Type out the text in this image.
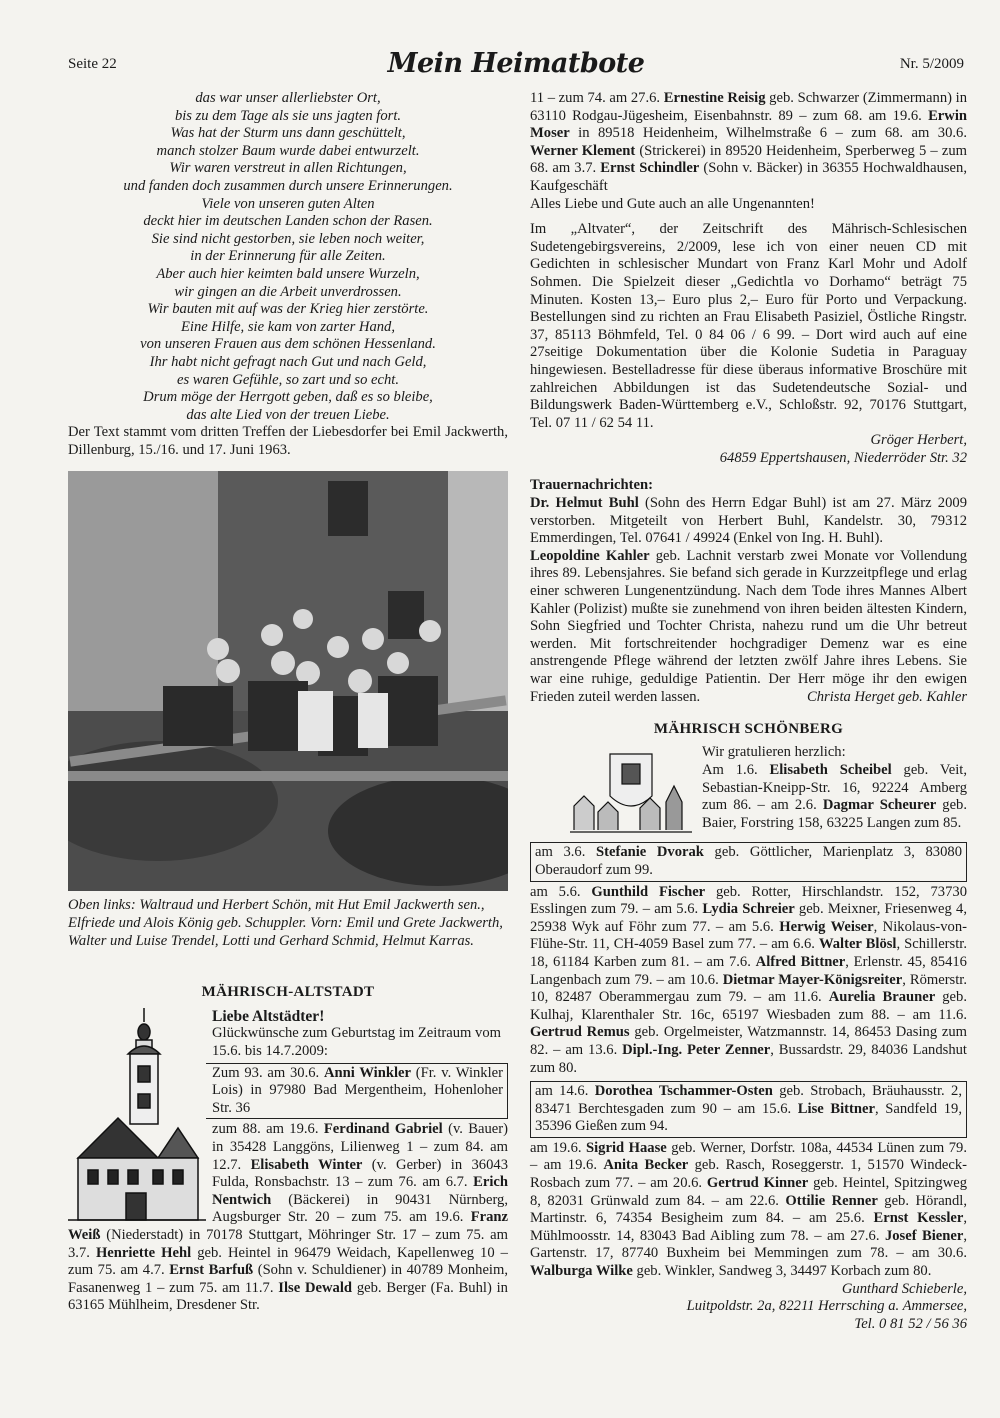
Seite 22	Mein Heimatbote	Nr. 5/2009
das war unser allerliebster Ort,
bis zu dem Tage als sie uns jagten fort.
Was hat der Sturm uns dann geschüttelt,
manch stolzer Baum wurde dabei entwurzelt.
Wir waren verstreut in allen Richtungen,
und fanden doch zusammen durch unsere Erinnerungen.
Viele von unseren guten Alten
deckt hier im deutschen Landen schon der Rasen.
Sie sind nicht gestorben, sie leben noch weiter,
in der Erinnerung für alle Zeiten.
Aber auch hier keimten bald unsere Wurzeln,
wir gingen an die Arbeit unverdrossen.
Wir bauten mit auf was der Krieg hier zerstörte.
Eine Hilfe, sie kam von zarter Hand,
von unseren Frauen aus dem schönen Hessenland.
Ihr habt nicht gefragt nach Gut und nach Geld,
es waren Gefühle, so zart und so echt.
Drum möge der Herrgott geben, daß es so bleibe,
das alte Lied von der treuen Liebe.

Der Text stammt vom dritten Treffen der Liebesdorfer bei Emil Jackwerth, Dillenburg, 15./16. und 17. Juni 1963.

Oben links: Waltraud und Herbert Schön, mit Hut Emil Jackwerth sen., Elfriede und Alois König geb. Schuppler. Vorn: Emil und Grete Jackwerth, Walter und Luise Trendel, Lotti und Gerhard Schmid, Helmut Karras.

MÄHRISCH-ALTSTADT

Liebe Altstädter!

Glückwünsche zum Geburtstag im Zeitraum vom 15.6. bis 14.7.2009:

Zum 93. am 30.6. Anni Winkler (Fr. v. Winkler Lois) in 97980 Bad Mergentheim, Hohenloher Str. 36

zum 88. am 19.6. Ferdinand Gabriel (v. Bauer) in 35428 Langgöns, Lilienweg 1 – zum 84. am 12.7. Elisabeth Winter (v. Gerber) in 36043 Fulda, Ronsbachstr. 13 – zum 76. am 6.7. Erich Nentwich (Bäckerei) in 90431 Nürnberg, Augsburger Str. 20 – zum 75. am 19.6. Franz Weiß (Niederstadt) in 70178 Stuttgart, Möhringer Str. 17 – zum 75. am 3.7. Henriette Hehl geb. Heintel in 96479 Weidach, Kapellenweg 10 – zum 75. am 4.7. Ernst Barfuß (Sohn v. Schuldiener) in 40789 Monheim, Fasanenweg 1 – zum 75. am 11.7. Ilse Dewald geb. Berger (Fa. Buhl) in 63165 Mühlheim, Dresdener Str.

11 – zum 74. am 27.6. Ernestine Reisig geb. Schwarzer (Zimmermann) in 63110 Rodgau-Jügesheim, Eisenbahnstr. 89 – zum 68. am 19.6. Erwin Moser in 89518 Heidenheim, Wilhelmstraße 6 – zum 68. am 30.6. Werner Klement (Strickerei) in 89520 Heidenheim, Sperberweg 5 – zum 68. am 3.7. Ernst Schindler (Sohn v. Bäcker) in 36355 Hochwaldhausen, Kaufgeschäft

Alles Liebe und Gute auch an alle Ungenannten!

Im „Altvater“, der Zeitschrift des Mährisch-Schlesischen Sudetengebirgsvereins, 2/2009, lese ich von einer neuen CD mit Gedichten in schlesischer Mundart von Franz Karl Mohr und Adolf Sohmen. Die Spielzeit dieser „Gedichtla vo Dorhamo“ beträgt 75 Minuten. Kosten 13,– Euro plus 2,– Euro für Porto und Verpackung. Bestellungen sind zu richten an Frau Elisabeth Pasiziel, Östliche Ringstr. 37, 85113 Böhmfeld, Tel. 0 84 06 / 6 99. – Dort wird auch auf eine 27seitige Dokumentation über die Kolonie Sudetia in Paraguay hingewiesen. Bestelladresse für diese überaus informative Broschüre mit zahlreichen Abbildungen ist das Sudetendeutsche Sozial- und Bildungswerk Baden-Württemberg e.V., Schloßstr. 92, 70176 Stuttgart, Tel. 07 11 / 62 54 11.

Gröger Herbert,
64859 Eppertshausen, Niederröder Str. 32

Trauernachrichten:

Dr. Helmut Buhl (Sohn des Herrn Edgar Buhl) ist am 27. März 2009 verstorben. Mitgeteilt von Herbert Buhl, Kandelstr. 30, 79312 Emmerdingen, Tel. 07641 / 49924 (Enkel von Ing. H. Buhl).

Leopoldine Kahler geb. Lachnit verstarb zwei Monate vor Vollendung ihres 89. Lebensjahres. Sie befand sich gerade in Kurzzeitpflege und erlag einer schweren Lungenentzündung. Nach dem Tode ihres Mannes Albert Kahler (Polizist) mußte sie zunehmend von ihren beiden ältesten Kindern, Sohn Siegfried und Tochter Christa, nahezu rund um die Uhr betreut werden. Mit fortschreitender hochgradiger Demenz war es eine anstrengende Pflege während der letzten zwölf Jahre ihres Lebens. Sie war eine ruhige, geduldige Patientin. Der Herr möge ihr den ewigen Frieden zuteil werden lassen.	Christa Herget geb. Kahler
MÄHRISCH SCHÖNBERG

Wir gratulieren herzlich:

Am 1.6. Elisabeth Scheibel geb. Veit, Sebastian-Kneipp-Str. 16, 92224 Amberg zum 86. – am 2.6. Dagmar Scheurer geb. Baier, Forstring 158, 63225 Langen zum 85.

am 3.6. Stefanie Dvorak geb. Göttlicher, Marienplatz 3, 83080 Oberaudorf zum 99.

am 5.6. Gunthild Fischer geb. Rotter, Hirschlandstr. 152, 73730 Esslingen zum 79. – am 5.6. Lydia Schreier geb. Meixner, Friesenweg 4, 25938 Wyk auf Föhr zum 77. – am 5.6. Herwig Weiser, Nikolaus-von-Flühe-Str. 11, CH-4059 Basel zum 77. – am 6.6. Walter Blösl, Schillerstr. 18, 61184 Karben zum 81. – am 7.6. Alfred Bittner, Erlenstr. 45, 85416 Langenbach zum 79. – am 10.6. Dietmar Mayer-Königsreiter, Römerstr. 10, 82487 Oberammergau zum 79. – am 11.6. Aurelia Brauner geb. Kulhaj, Klarenthaler Str. 16c, 65197 Wiesbaden zum 88. – am 11.6. Gertrud Remus geb. Orgelmeister, Watzmannstr. 14, 86453 Dasing zum 82. – am 13.6. Dipl.-Ing. Peter Zenner, Bussardstr. 29, 84036 Landshut zum 80.

am 14.6. Dorothea Tschammer-Osten geb. Strobach, Bräuhausstr. 2, 83471 Berchtesgaden zum 90 – am 15.6. Lise Bittner, Sandfeld 19, 35396 Gießen zum 94.

am 19.6. Sigrid Haase geb. Werner, Dorfstr. 108a, 44534 Lünen zum 79. – am 19.6. Anita Becker geb. Rasch, Roseggerstr. 1, 51570 Windeck-Rosbach zum 77. – am 20.6. Gertrud Kinner geb. Heintel, Spitzingweg 8, 82031 Grünwald zum 84. – am 22.6. Ottilie Renner geb. Hörandl, Martinstr. 6, 74354 Besigheim zum 84. – am 25.6. Ernst Kessler, Mühlmoosstr. 14, 83043 Bad Aibling zum 78. – am 27.6. Josef Biener, Gartenstr. 17, 87740 Buxheim bei Memmingen zum 78. – am 30.6. Walburga Wilke geb. Winkler, Sandweg 3, 34497 Korbach zum 80.

Gunthard Schieberle,
Luitpoldstr. 2a, 82211 Herrsching a. Ammersee,
Tel. 0 81 52 / 56 36
